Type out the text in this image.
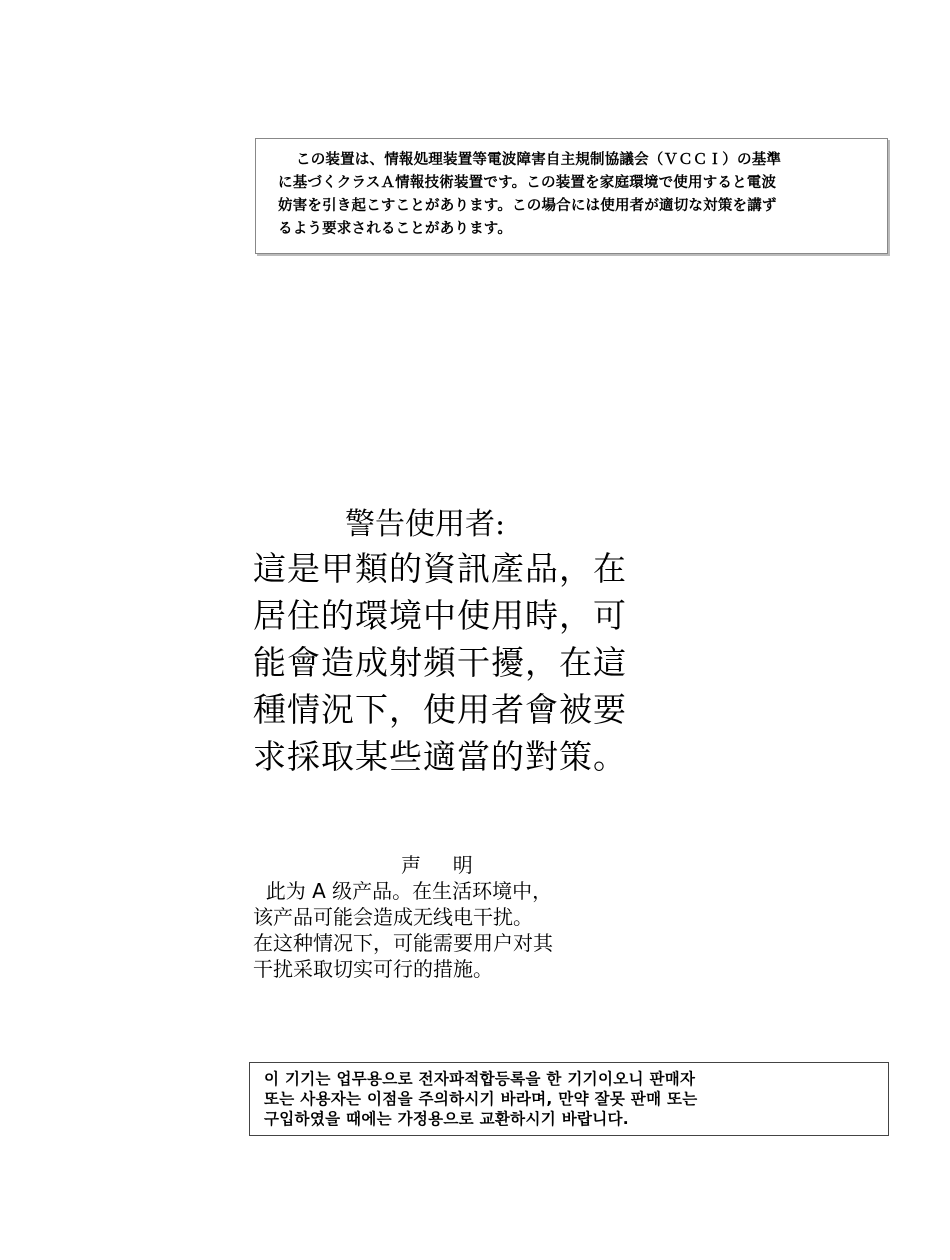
この装置は、情報処理装置等電波障害自主規制協議会（ＶＣＣＩ）の基準
に基づくクラスＡ情報技術装置です。この装置を家庭環境で使用すると電波
妨害を引き起こすことがあります。この場合には使用者が適切な対策を講ず
るよう要求されることがあります。
警告使用者:
這是甲類的資訊產品，在
居住的環境中使用時，可
能會造成射頻干擾，在這
種情況下，使用者會被要
求採取某些適當的對策。
声     明
此为 A 级产品。在生活环境中，
该产品可能会造成无线电干扰。
在这种情况下，可能需要用户对其
干扰采取切实可行的措施。
이 기기는 업무용으로 전자파적합등록을 한 기기이오니 판매자
또는 사용자는 이점을 주의하시기 바라며, 만약 잘못 판매 또는
구입하였을 때에는 가정용으로 교환하시기 바랍니다.
